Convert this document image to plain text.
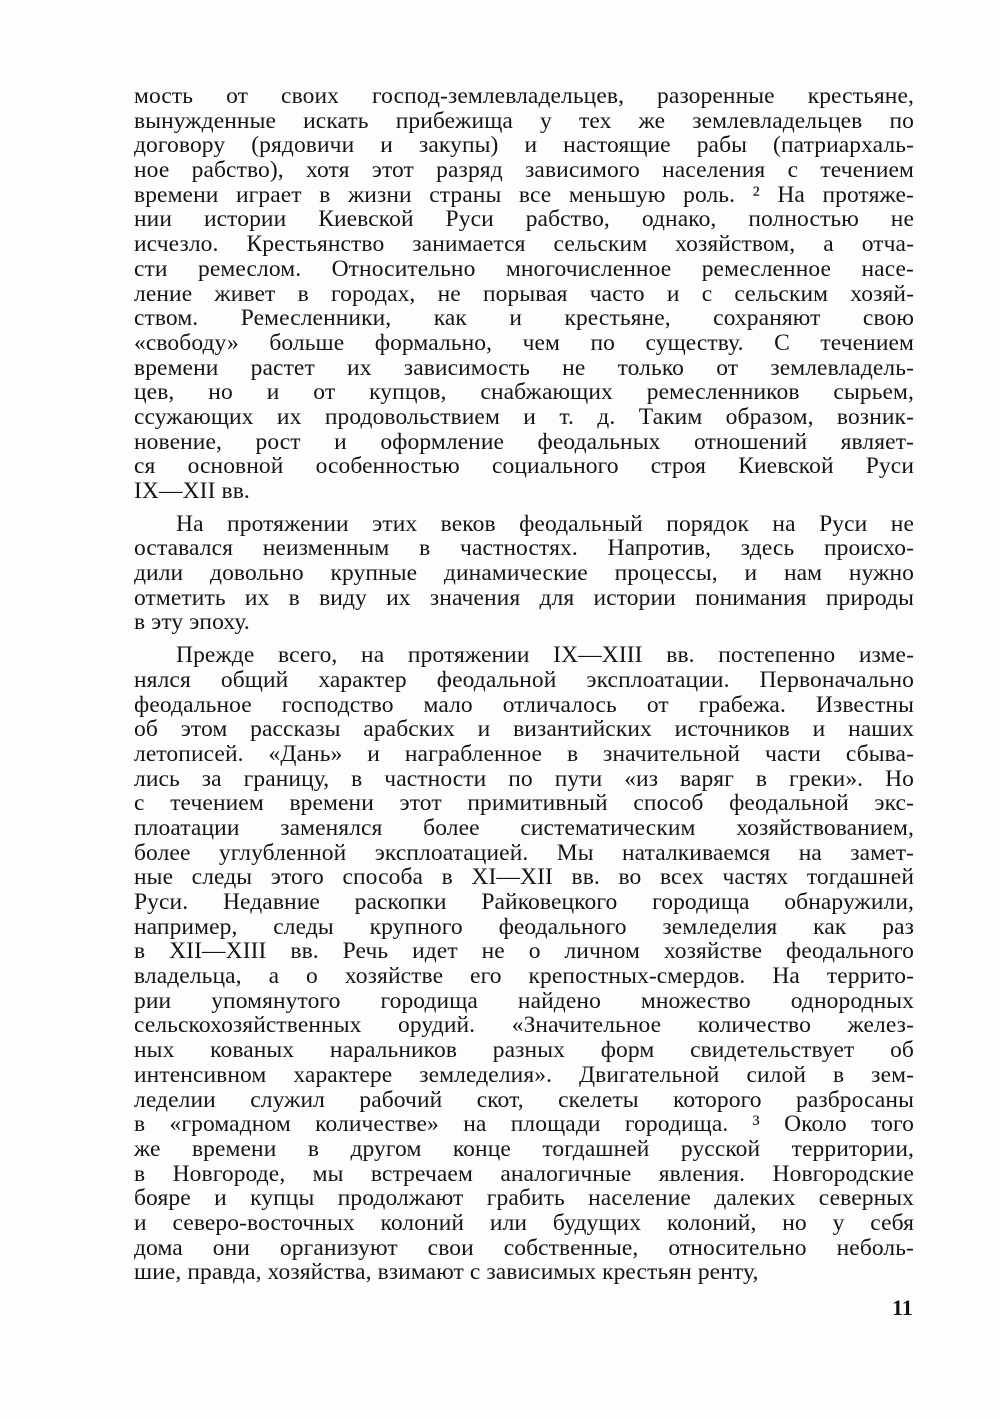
мость от своих господ-землевладельцев, разоренные крестьяне,
вынужденные искать прибежища у тех же землевладельцев по
договору (рядовичи и закупы) и настоящие рабы (патриархаль-
ное рабство), хотя этот разряд зависимого населения с течением
времени играет в жизни страны все меньшую роль. ² На протяже-
нии истории Киевской Руси рабство, однако, полностью не
исчезло. Крестьянство занимается сельским хозяйством, а отча-
сти ремеслом. Относительно многочисленное ремесленное насе-
ление живет в городах, не порывая часто и с сельским хозяй-
ством. Ремесленники, как и крестьяне, сохраняют свою
«свободу» больше формально, чем по существу. С течением
времени растет их зависимость не только от землевладель-
цев, но и от купцов, снабжающих ремесленников сырьем,
ссужающих их продовольствием и т. д. Таким образом, возник-
новение, рост и оформление феодальных отношений являет-
ся основной особенностью социального строя Киевской Руси
IX—XII вв.
На протяжении этих веков феодальный порядок на Руси не
оставался неизменным в частностях. Напротив, здесь происхо-
дили довольно крупные динамические процессы, и нам нужно
отметить их в виду их значения для истории понимания природы
в эту эпоху.
Прежде всего, на протяжении IX—XIII вв. постепенно изме-
нялся общий характер феодальной эксплоатации. Первоначально
феодальное господство мало отличалось от грабежа. Известны
об этом рассказы арабских и византийских источников и наших
летописей. «Дань» и награбленное в значительной части сбыва-
лись за границу, в частности по пути «из варяг в греки». Но
с течением времени этот примитивный способ феодальной экс-
плоатации заменялся более систематическим хозяйствованием,
более углубленной эксплоатацией. Мы наталкиваемся на замет-
ные следы этого способа в XI—XII вв. во всех частях тогдашней
Руси. Недавние раскопки Райковецкого городища обнаружили,
например, следы крупного феодального земледелия как раз
в XII—XIII вв. Речь идет не о личном хозяйстве феодального
владельца, а о хозяйстве его крепостных-смердов. На террито-
рии упомянутого городища найдено множество однородных
сельскохозяйственных орудий. «Значительное количество желез-
ных кованых наральников разных форм свидетельствует об
интенсивном характере земледелия». Двигательной силой в зем-
леделии служил рабочий скот, скелеты которого разбросаны
в «громадном количестве» на площади городища. ³ Около того
же времени в другом конце тогдашней русской территории,
в Новгороде, мы встречаем аналогичные явления. Новгородские
бояре и купцы продолжают грабить население далеких северных
и северо-восточных колоний или будущих колоний, но у себя
дома они организуют свои собственные, относительно неболь-
шие, правда, хозяйства, взимают с зависимых крестьян ренту,
11
